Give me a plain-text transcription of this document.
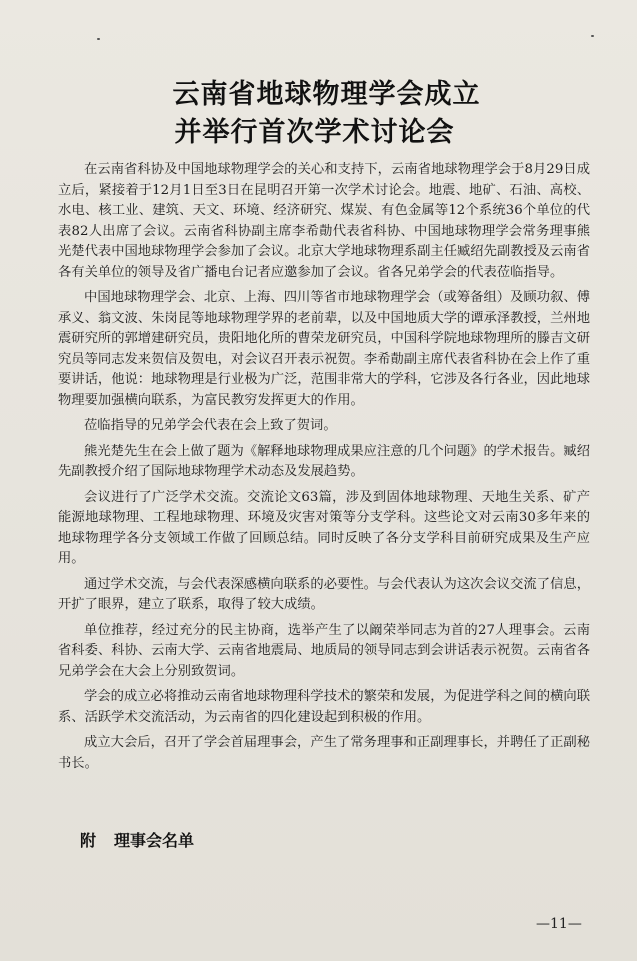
云南省地球物理学会成立
并举行首次学术讨论会

在云南省科协及中国地球物理学会的关心和支持下，云南省地球物理学会于8月29日成立后，紧接着于12月1日至3日在昆明召开第一次学术讨论会。地震、地矿、石油、高校、水电、核工业、建筑、天文、环境、经济研究、煤炭、有色金属等12个系统36个单位的代表82人出席了会议。云南省科协副主席李希勣代表省科协、中国地球物理学会常务理事熊光楚代表中国地球物理学会参加了会议。北京大学地球物理系副主任臧绍先副教授及云南省各有关单位的领导及省广播电台记者应邀参加了会议。省各兄弟学会的代表莅临指导。

中国地球物理学会、北京、上海、四川等省市地球物理学会（或筹备组）及顾功叙、傅承义、翁文波、朱岗昆等地球物理学界的老前辈，以及中国地质大学的谭承泽教授，兰州地震研究所的郭增建研究员，贵阳地化所的曹荣龙研究员，中国科学院地球物理所的滕吉文研究员等同志发来贺信及贺电，对会议召开表示祝贺。李希勣副主席代表省科协在会上作了重要讲话，他说：地球物理是行业极为广泛，范围非常大的学科，它涉及各行各业，因此地球物理要加强横向联系，为富民教穷发挥更大的作用。

莅临指导的兄弟学会代表在会上致了贺词。

熊光楚先生在会上做了题为《解释地球物理成果应注意的几个问题》的学术报告。臧绍先副教授介绍了国际地球物理学术动态及发展趋势。

会议进行了广泛学术交流。交流论文63篇，涉及到固体地球物理、天地生关系、矿产能源地球物理、工程地球物理、环境及灾害对策等分支学科。这些论文对云南30多年来的地球物理学各分支领域工作做了回顾总结。同时反映了各分支学科目前研究成果及生产应用。

通过学术交流，与会代表深感横向联系的必要性。与会代表认为这次会议交流了信息，开扩了眼界，建立了联系，取得了较大成绩。

单位推荐，经过充分的民主协商，选举产生了以阚荣举同志为首的27人理事会。云南省科委、科协、云南大学、云南省地震局、地质局的领导同志到会讲话表示祝贺。云南省各兄弟学会在大会上分别致贺词。

学会的成立必将推动云南省地球物理科学技术的繁荣和发展，为促进学科之间的横向联系、活跃学术交流活动，为云南省的四化建设起到积极的作用。

成立大会后，召开了学会首届理事会，产生了常务理事和正副理事长，并聘任了正副秘书长。

附 理事会名单
—11—
